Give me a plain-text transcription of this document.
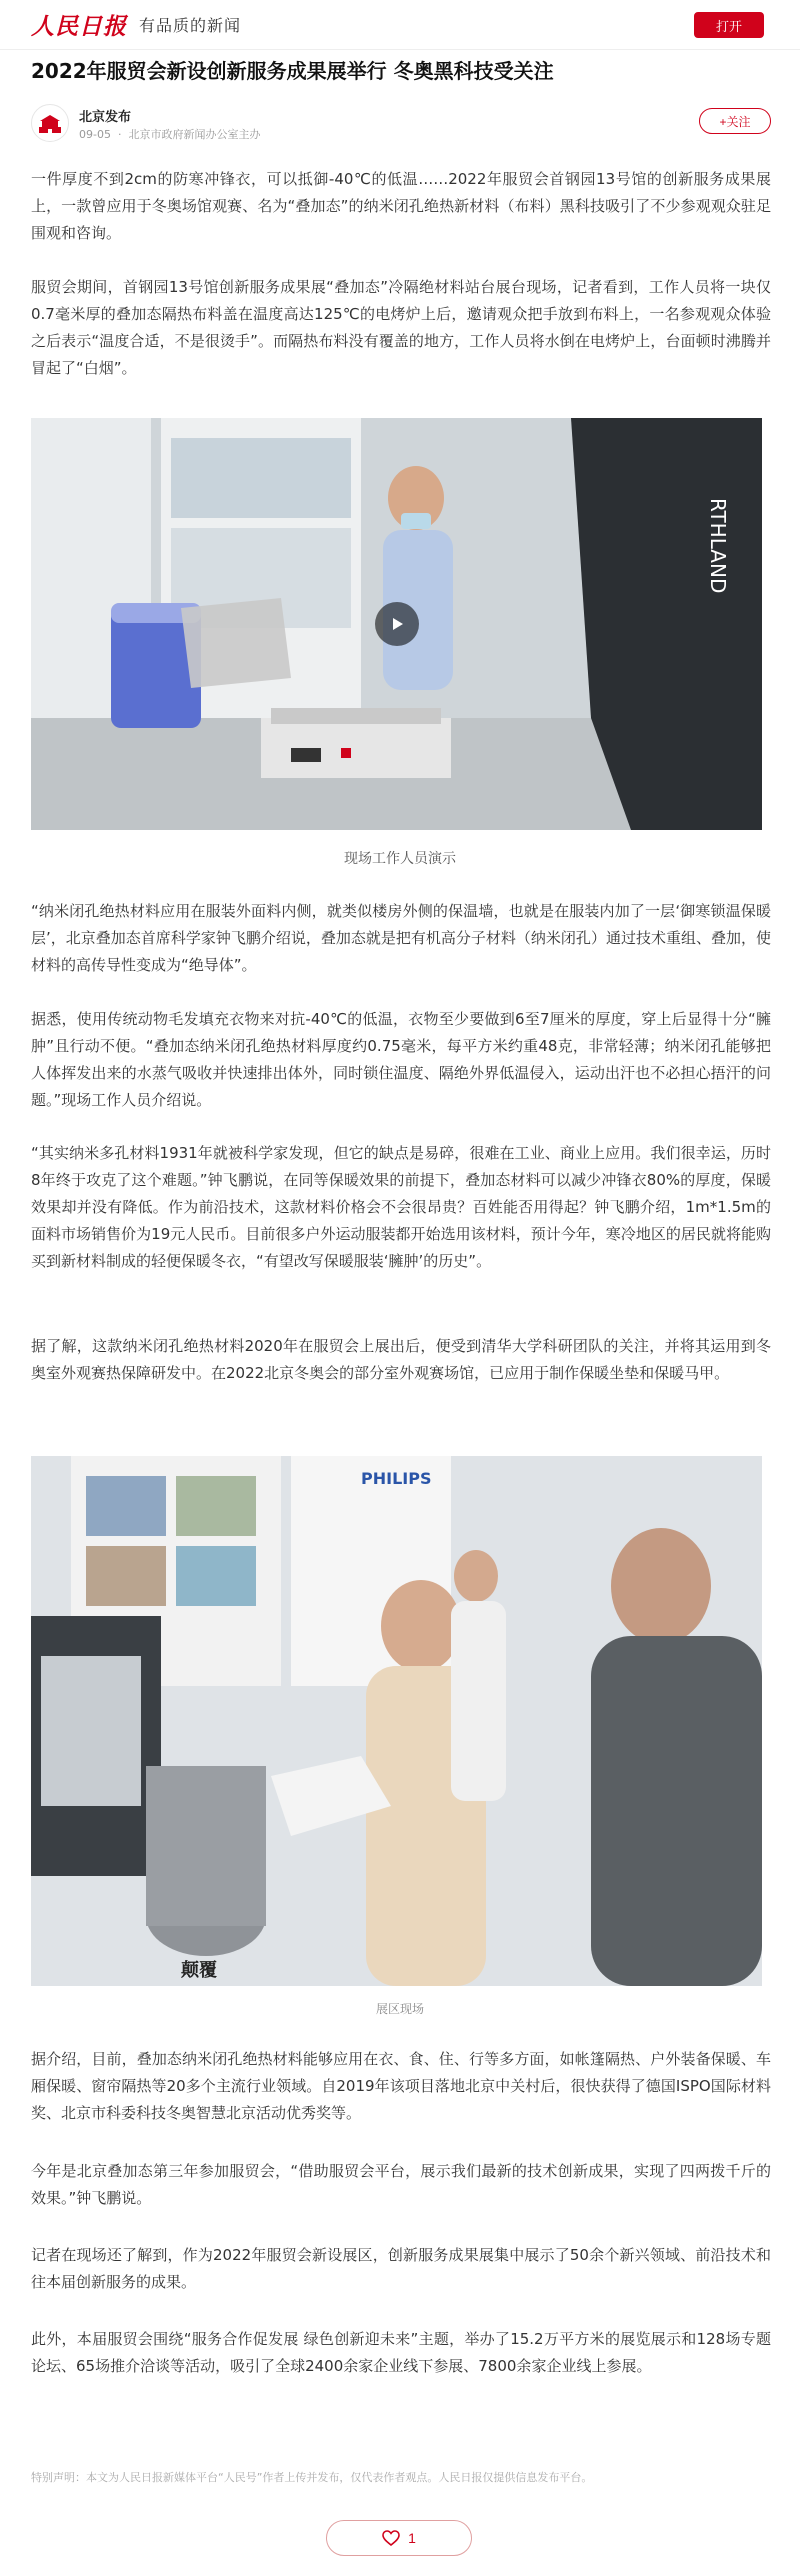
人民日报 有品质的新闻	打开
2022年服贸会新设创新服务成果展举行 冬奥黑科技受关注
北京发布
09-05  ·  北京市政府新闻办公室主办
+关注

一件厚度不到2cm的防寒冲锋衣，可以抵御-40℃的低温……2022年服贸会首钢园13号馆的创新服务成果展上，一款曾应用于冬奥场馆观赛、名为“叠加态”的纳米闭孔绝热新材料（布料）黑科技吸引了不少参观观众驻足围观和咨询。

服贸会期间，首钢园13号馆创新服务成果展“叠加态”冷隔绝材料站台展台现场，记者看到，工作人员将一块仅0.7毫米厚的叠加态隔热布料盖在温度高达125℃的电烤炉上后，邀请观众把手放到布料上，一名参观观众体验之后表示“温度合适，不是很烫手”。而隔热布料没有覆盖的地方，工作人员将水倒在电烤炉上，台面顿时沸腾并冒起了“白烟”。

RTHLAND
现场工作人员演示

“纳米闭孔绝热材料应用在服装外面料内侧，就类似楼房外侧的保温墙，也就是在服装内加了一层‘御寒锁温保暖层’，北京叠加态首席科学家钟飞鹏介绍说，叠加态就是把有机高分子材料（纳米闭孔）通过技术重组、叠加，使材料的高传导性变成为“绝导体”。

据悉，使用传统动物毛发填充衣物来对抗-40℃的低温，衣物至少要做到6至7厘米的厚度，穿上后显得十分“臃肿”且行动不便。“叠加态纳米闭孔绝热材料厚度约0.75毫米，每平方米约重48克，非常轻薄；纳米闭孔能够把人体挥发出来的水蒸气吸收并快速排出体外，同时锁住温度、隔绝外界低温侵入，运动出汗也不必担心捂汗的问题。”现场工作人员介绍说。

“其实纳米多孔材料1931年就被科学家发现，但它的缺点是易碎，很难在工业、商业上应用。我们很幸运，历时8年终于攻克了这个难题。”钟飞鹏说，在同等保暖效果的前提下，叠加态材料可以减少冲锋衣80%的厚度，保暖效果却并没有降低。作为前沿技术，这款材料价格会不会很昂贵？百姓能否用得起？钟飞鹏介绍，1m*1.5m的面料市场销售价为19元人民币。目前很多户外运动服装都开始选用该材料，预计今年，寒冷地区的居民就将能购买到新材料制成的轻便保暖冬衣，“有望改写保暖服装‘臃肿’的历史”。

据了解，这款纳米闭孔绝热材料2020年在服贸会上展出后，便受到清华大学科研团队的关注，并将其运用到冬奥室外观赛热保障研发中。在2022北京冬奥会的部分室外观赛场馆，已应用于制作保暖坐垫和保暖马甲。

PHILIPS
颠覆
展区现场

据介绍，目前，叠加态纳米闭孔绝热材料能够应用在衣、食、住、行等多方面，如帐篷隔热、户外装备保暖、车厢保暖、窗帘隔热等20多个主流行业领域。自2019年该项目落地北京中关村后，很快获得了德国ISPO国际材料奖、北京市科委科技冬奥智慧北京活动优秀奖等。

今年是北京叠加态第三年参加服贸会，“借助服贸会平台，展示我们最新的技术创新成果，实现了四两拨千斤的效果。”钟飞鹏说。

记者在现场还了解到，作为2022年服贸会新设展区，创新服务成果展集中展示了50余个新兴领域、前沿技术和往本届创新服务的成果。

此外，本届服贸会围绕“服务合作促发展 绿色创新迎未来”主题，举办了15.2万平方米的展览展示和128场专题论坛、65场推介洽谈等活动，吸引了全球2400余家企业线下参展、7800余家企业线上参展。

特别声明：本文为人民日报新媒体平台“人民号”作者上传并发布，仅代表作者观点。人民日报仅提供信息发布平台。

1
